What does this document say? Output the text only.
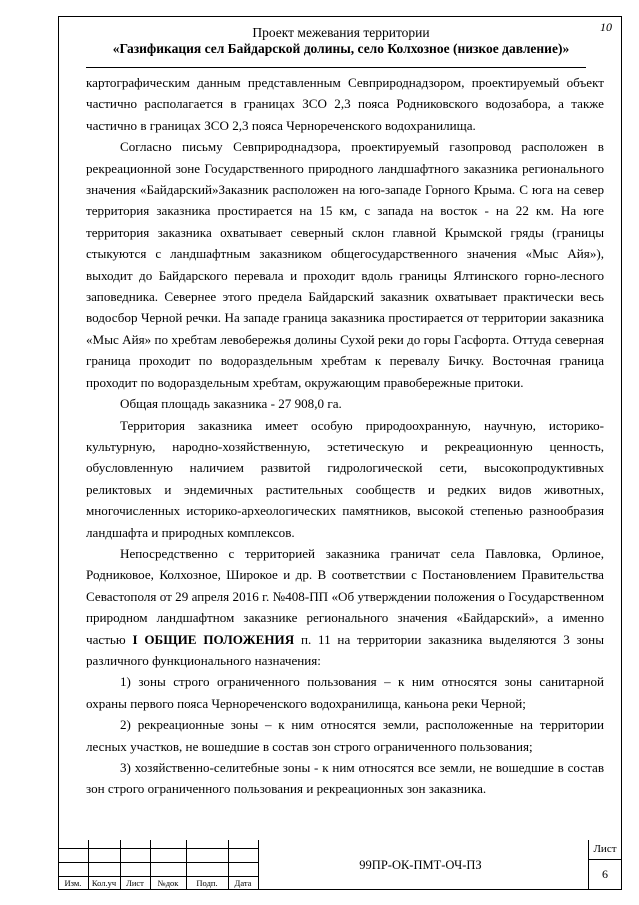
10
Проект межевания территории
«Газификация сел Байдарской долины, село Колхозное (низкое давление)»

картографическим данным представленным Севприроднадзором, проектируемый объект частично располагается в границах ЗСО 2,3 пояса Родниковского водозабора, а также частично в границах ЗСО 2,3 пояса Чернореченского водохранилища.

Согласно письму Севприроднадзора, проектируемый газопровод расположен в рекреационной зоне Государственного природного ландшафтного заказника регионального значения «Байдарский»Заказник расположен на юго-западе Горного Крыма. С юга на север территория заказника простирается на 15 км, с запада на восток - на 22 км. На юге территория заказника охватывает северный склон главной Крымской гряды (границы стыкуются с ландшафтным заказником общегосударственного значения «Мыс Айя»), выходит до Байдарского перевала и проходит вдоль границы Ялтинского горно-лесного заповедника. Севернее этого предела Байдарский заказник охватывает практически весь водосбор Черной речки. На западе граница заказника простирается от территории заказника «Мыс Айя» по хребтам левобережья долины Сухой реки до горы Гасфорта. Оттуда северная граница проходит по водораздельным хребтам к перевалу Бичку. Восточная граница проходит по водораздельным хребтам, окружающим правобережные притоки.

Общая площадь заказника - 27 908,0 га.

Территория заказника имеет особую природоохранную, научную, историко-культурную, народно-хозяйственную, эстетическую и рекреационную ценность, обусловленную наличием развитой гидрологической сети, высокопродуктивных реликтовых и эндемичных растительных сообществ и редких видов животных, многочисленных историко-археологических памятников, высокой степенью разнообразия ландшафта и природных комплексов.

Непосредственно с территорией заказника граничат села Павловка, Орлиное, Родниковое, Колхозное, Широкое и др. В соответствии с Постановлением Правительства Севастополя от 29 апреля 2016 г. №408-ПП «Об утверждении положения о Государственном природном ландшафтном заказнике регионального значения «Байдарский», а именно частью I ОБЩИЕ ПОЛОЖЕНИЯ п. 11 на территории заказника выделяются 3 зоны различного функционального назначения:

1) зоны строго ограниченного пользования – к ним относятся зоны санитарной охраны первого пояса Чернореченского водохранилища, каньона реки Черной;

2) рекреационные зоны – к ним относятся земли, расположенные на территории лесных участков, не вошедшие в состав зон строго ограниченного пользования;

3) хозяйственно-селитебные зоны - к ним относятся все земли, не вошедшие в состав зон строго ограниченного пользования и рекреационных зон заказника.

Изм.	Кол.уч	Лист	№док	Подп.	Дата
99ПР-ОК-ПМТ-ОЧ-ПЗ
Лист
6
